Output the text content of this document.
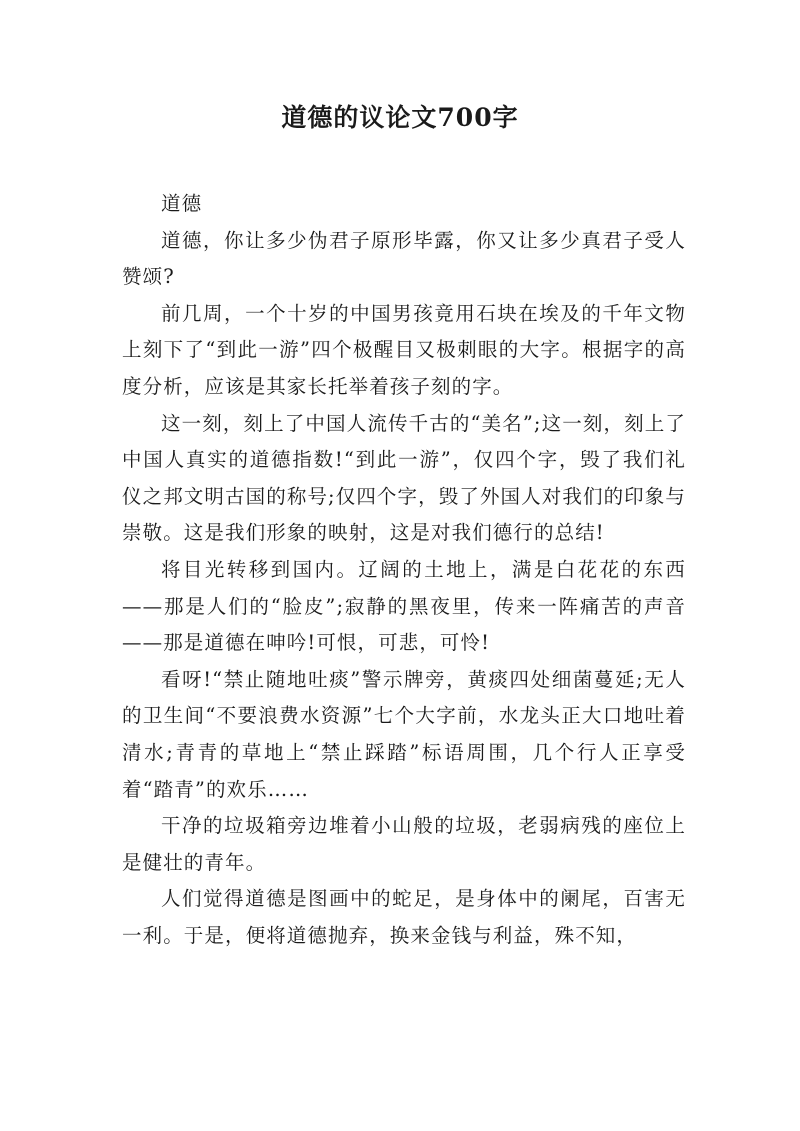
道德的议论文700字

道德

道德，你让多少伪君子原形毕露，你又让多少真君子受人赞颂?

前几周，一个十岁的中国男孩竟用石块在埃及的千年文物上刻下了“到此一游”四个极醒目又极刺眼的大字。根据字的高度分析，应该是其家长托举着孩子刻的字。

这一刻，刻上了中国人流传千古的“美名”;这一刻，刻上了中国人真实的道德指数!“到此一游”，仅四个字，毁了我们礼仪之邦文明古国的称号;仅四个字，毁了外国人对我们的印象与崇敬。这是我们形象的映射，这是对我们德行的总结!

将目光转移到国内。辽阔的土地上，满是白花花的东西——那是人们的“脸皮”;寂静的黑夜里，传来一阵痛苦的声音——那是道德在呻吟!可恨，可悲，可怜!

看呀!“禁止随地吐痰”警示牌旁，黄痰四处细菌蔓延;无人的卫生间“不要浪费水资源”七个大字前，水龙头正大口地吐着清水;青青的草地上“禁止踩踏”标语周围，几个行人正享受着“踏青”的欢乐……

干净的垃圾箱旁边堆着小山般的垃圾，老弱病残的座位上是健壮的青年。

人们觉得道德是图画中的蛇足，是身体中的阑尾，百害无一利。于是，便将道德抛弃，换来金钱与利益，殊不知，
